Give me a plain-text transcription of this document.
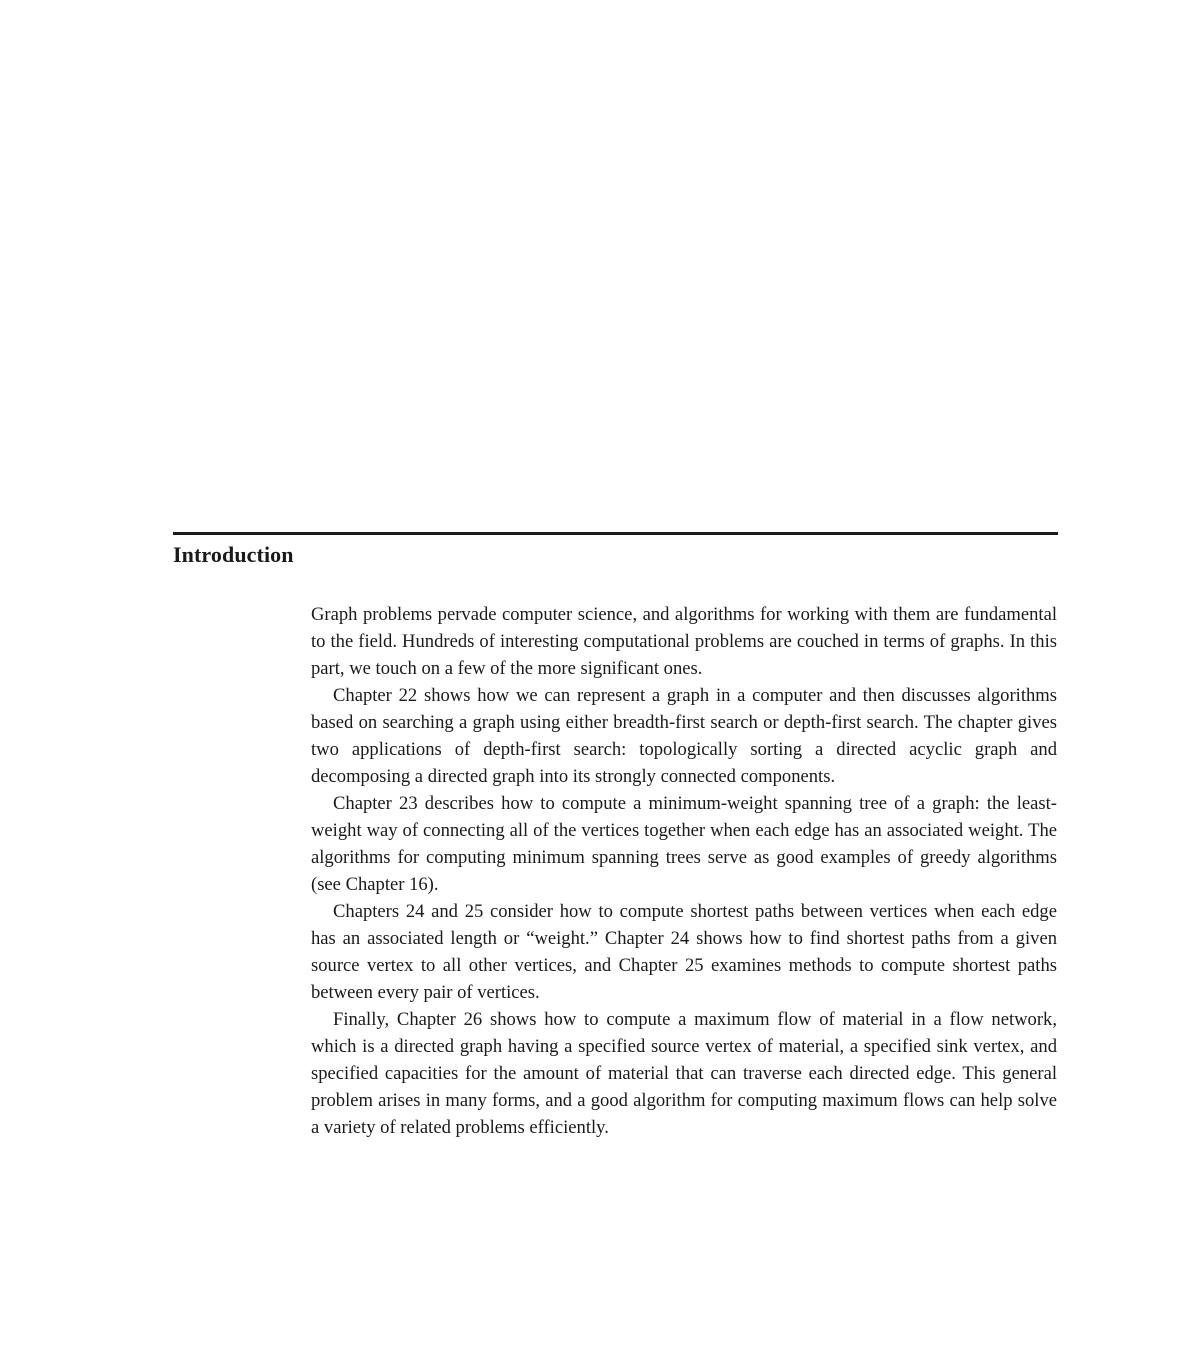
Introduction

Graph problems pervade computer science, and algorithms for working with them are fundamental to the field. Hundreds of interesting computational problems are couched in terms of graphs. In this part, we touch on a few of the more significant ones.

Chapter 22 shows how we can represent a graph in a computer and then discusses algorithms based on searching a graph using either breadth-first search or depth-first search. The chapter gives two applications of depth-first search: topologically sorting a directed acyclic graph and decomposing a directed graph into its strongly connected components.

Chapter 23 describes how to compute a minimum-weight spanning tree of a graph: the least-weight way of connecting all of the vertices together when each edge has an associated weight. The algorithms for computing minimum spanning trees serve as good examples of greedy algorithms (see Chapter 16).

Chapters 24 and 25 consider how to compute shortest paths between vertices when each edge has an associated length or “weight.” Chapter 24 shows how to find shortest paths from a given source vertex to all other vertices, and Chapter 25 examines methods to compute shortest paths between every pair of vertices.

Finally, Chapter 26 shows how to compute a maximum flow of material in a flow network, which is a directed graph having a specified source vertex of material, a specified sink vertex, and specified capacities for the amount of material that can traverse each directed edge. This general problem arises in many forms, and a good algorithm for computing maximum flows can help solve a variety of related problems efficiently.
